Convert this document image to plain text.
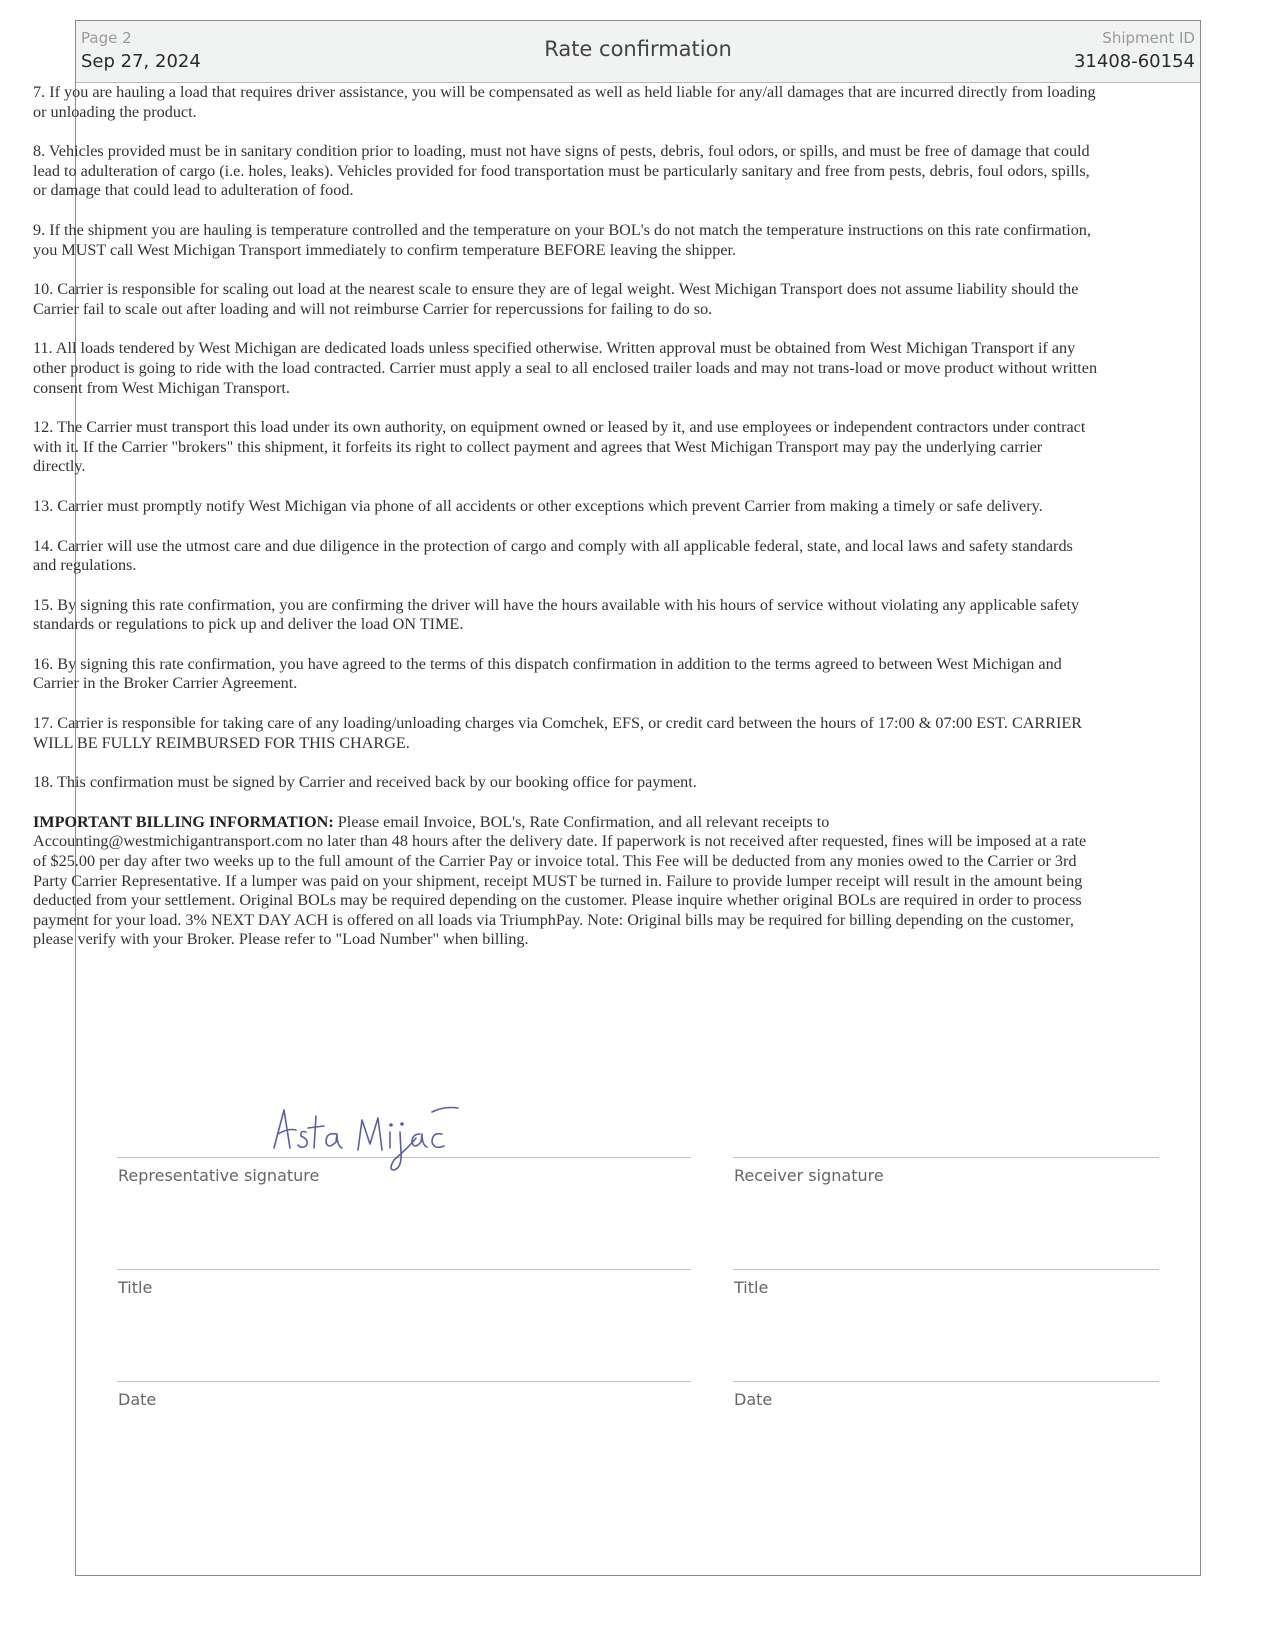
Page 2
Sep 27, 2024
Rate confirmation	Shipment ID
31408-60154

7. If you are hauling a load that requires driver assistance, you will be compensated as well as held liable for any/all damages that are incurred directly from loading or unloading the product.

8. Vehicles provided must be in sanitary condition prior to loading, must not have signs of pests, debris, foul odors, or spills, and must be free of damage that could lead to adulteration of cargo (i.e. holes, leaks). Vehicles provided for food transportation must be particularly sanitary and free from pests, debris, foul odors, spills, or damage that could lead to adulteration of food.

9. If the shipment you are hauling is temperature controlled and the temperature on your BOL's do not match the temperature instructions on this rate confirmation, you MUST call West Michigan Transport immediately to confirm temperature BEFORE leaving the shipper.

10. Carrier is responsible for scaling out load at the nearest scale to ensure they are of legal weight. West Michigan Transport does not assume liability should the Carrier fail to scale out after loading and will not reimburse Carrier for repercussions for failing to do so.

11. All loads tendered by West Michigan are dedicated loads unless specified otherwise. Written approval must be obtained from West Michigan Transport if any other product is going to ride with the load contracted. Carrier must apply a seal to all enclosed trailer loads and may not trans-load or move product without written consent from West Michigan Transport.

12. The Carrier must transport this load under its own authority, on equipment owned or leased by it, and use employees or independent contractors under contract with it. If the Carrier "brokers" this shipment, it forfeits its right to collect payment and agrees that West Michigan Transport may pay the underlying carrier directly.

13. Carrier must promptly notify West Michigan via phone of all accidents or other exceptions which prevent Carrier from making a timely or safe delivery.

14. Carrier will use the utmost care and due diligence in the protection of cargo and comply with all applicable federal, state, and local laws and safety standards and regulations.

15. By signing this rate confirmation, you are confirming the driver will have the hours available with his hours of service without violating any applicable safety standards or regulations to pick up and deliver the load ON TIME.

16. By signing this rate confirmation, you have agreed to the terms of this dispatch confirmation in addition to the terms agreed to between West Michigan and Carrier in the Broker Carrier Agreement.

17. Carrier is responsible for taking care of any loading/unloading charges via Comchek, EFS, or credit card between the hours of 17:00 & 07:00 EST. CARRIER WILL BE FULLY REIMBURSED FOR THIS CHARGE.

18. This confirmation must be signed by Carrier and received back by our booking office for payment.

IMPORTANT BILLING INFORMATION: Please email Invoice, BOL's, Rate Confirmation, and all relevant receipts to Accounting@westmichigantransport.com no later than 48 hours after the delivery date. If paperwork is not received after requested, fines will be imposed at a rate of $25.00 per day after two weeks up to the full amount of the Carrier Pay or invoice total. This Fee will be deducted from any monies owed to the Carrier or 3rd Party Carrier Representative. If a lumper was paid on your shipment, receipt MUST be turned in. Failure to provide lumper receipt will result in the amount being deducted from your settlement. Original BOLs may be required depending on the customer. Please inquire whether original BOLs are required in order to process payment for your load. 3% NEXT DAY ACH is offered on all loads via TriumphPay. Note: Original bills may be required for billing depending on the customer, please verify with your Broker. Please refer to "Load Number" when billing.

Representative signature	Receiver signature
Title	Title
Date	Date
